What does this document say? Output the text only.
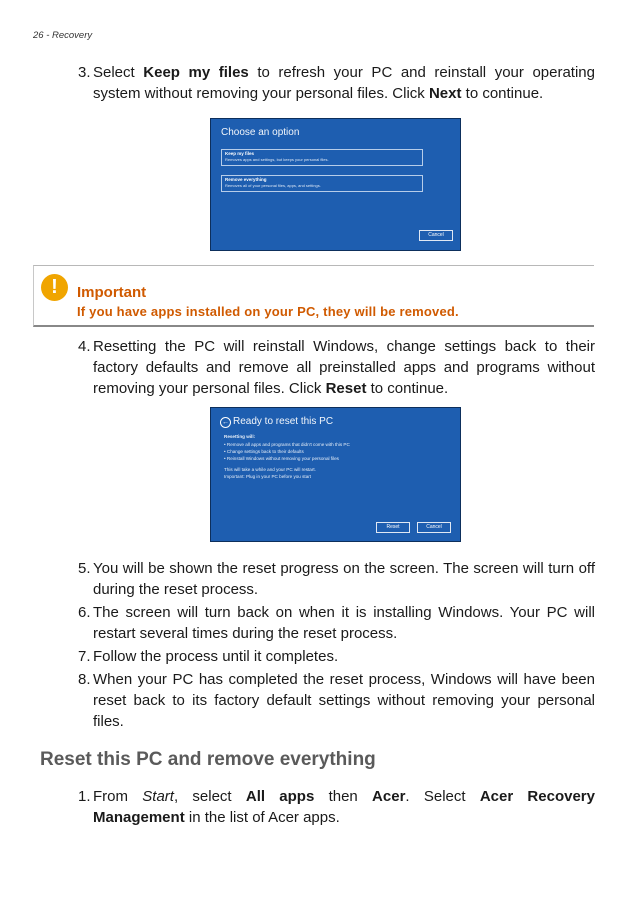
26 - Recovery
3. Select Keep my files to refresh your PC and reinstall your operating system without removing your personal files. Click Next to continue.
Choose an option
Keep my files
Removes apps and settings, but keeps your personal files.
Remove everything
Removes all of your personal files, apps, and settings.
Cancel
!	Important
If you have apps installed on your PC, they will be removed.
4. Resetting the PC will reinstall Windows, change settings back to their factory defaults and remove all preinstalled apps and programs without removing your personal files. Click Reset to continue.
← Ready to reset this PC
Resetting will:
• Remove all apps and programs that didn't come with this PC
• Change settings back to their defaults
• Reinstall Windows without removing your personal files
This will take a while and your PC will restart.
Important: Plug in your PC before you start
Reset	Cancel
5. You will be shown the reset progress on the screen. The screen will turn off during the reset process.
6. The screen will turn back on when it is installing Windows. Your PC will restart several times during the reset process.
7. Follow the process until it completes.
8. When your PC has completed the reset process, Windows will have been reset back to its factory default settings without removing your personal files.
Reset this PC and remove everything
1. From Start, select All apps then Acer. Select Acer Recovery Management in the list of Acer apps.
